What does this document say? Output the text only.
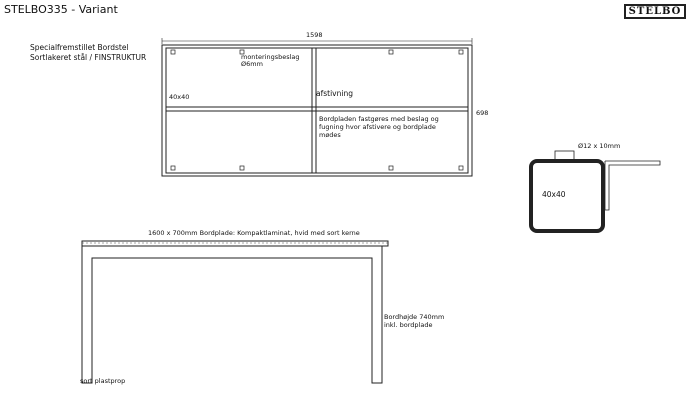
STELBO335 - Variant	STELBO
Specialfremstillet Bordstel
Sortlakeret stål / FINSTRUKTUR
1598
698
monteringsbeslag
Ø6mm
40x40	afstivning
Bordpladen fastgøres med beslag og
fugning hvor afstivere og bordplade
mødes
Ø12 x 10mm
40x40
1600 x 700mm Bordplade: Kompaktlaminat, hvid med sort kerne
Bordhøjde 740mm
inkl. bordplade
sort plastprop
